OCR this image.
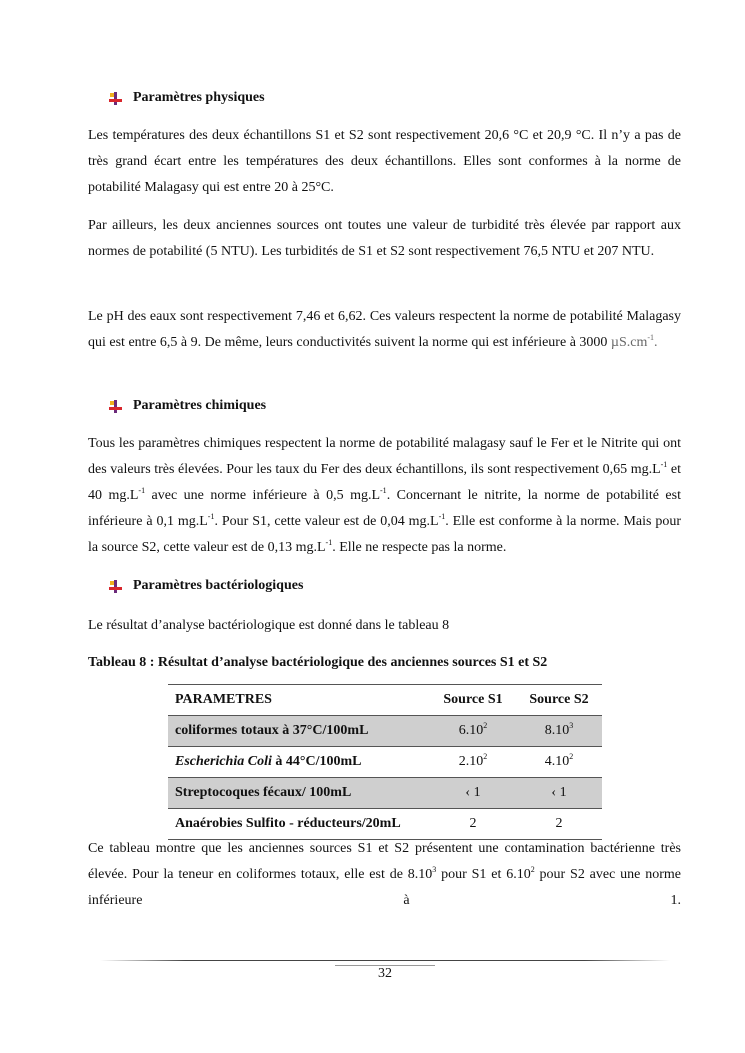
Paramètres physiques

Les températures des deux échantillons S1 et S2 sont respectivement 20,6 °C et 20,9 °C. Il n’y a pas de très grand écart entre les températures des deux échantillons. Elles sont conformes à la norme de potabilité Malagasy qui est entre 20 à 25°C.

Par ailleurs, les deux anciennes sources ont toutes une valeur de turbidité très élevée par rapport aux normes de potabilité (5 NTU). Les turbidités de S1 et S2 sont respectivement 76,5 NTU et 207 NTU.

Le pH des eaux sont respectivement 7,46 et 6,62. Ces valeurs respectent la norme de potabilité Malagasy qui est entre 6,5 à 9. De même, leurs conductivités suivent la norme qui est inférieure à 3000 $\mu S.cm^{-1}$.

Paramètres chimiques

Tous les paramètres chimiques respectent la norme de potabilité malagasy sauf le Fer et le Nitrite qui ont des valeurs très élevées. Pour les taux du Fer des deux échantillons, ils sont respectivement 0,65 $mg.L^{-1}$ et 40 $mg.L^{-1}$ avec une norme inférieure à 0,5 $mg.L^{-1}$. Concernant le nitrite, la norme de potabilité est inférieure à 0,1 $mg.L^{-1}$. Pour S1, cette valeur est de 0,04 $mg.L^{-1}$. Elle est conforme à la norme. Mais pour la source S2, cette valeur est de 0,13 $mg.L^{-1}$. Elle ne respecte pas la norme.

Paramètres bactériologiques

Le résultat d’analyse bactériologique est donné dans le tableau 8

Tableau 8 : Résultat d’analyse bactériologique des anciennes sources S1 et S2
PARAMETRES	Source S1	Source S2
coliformes totaux à 37°C/100mL	6.10$^2$	8.10$^3$
Escherichia Coli à 44°C/100mL	2.10$^2$	4.10$^2$
Streptocoques fécaux/ 100mL	‹ 1	‹ 1
Anaérobies Sulfito - réducteurs/20mL	2	2

Ce tableau montre que les anciennes sources S1 et S2 présentent une contamination bactérienne très élevée. Pour la teneur en coliformes totaux, elle est de 8.10$^3$ pour S1 et 6.10$^2$ pour S2 avec une norme inférieure à 1.

32
